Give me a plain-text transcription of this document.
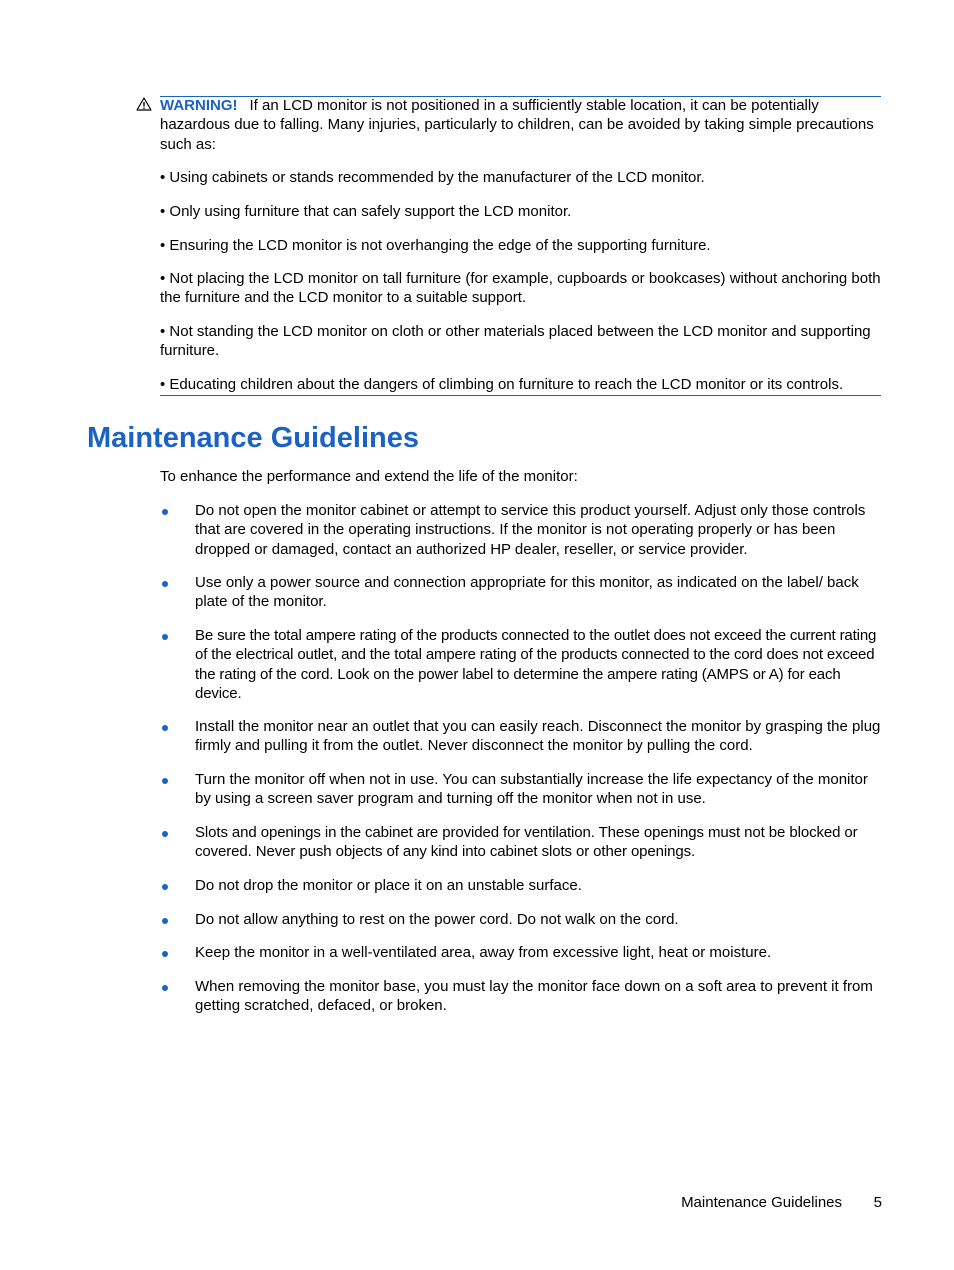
WARNING! If an LCD monitor is not positioned in a sufficiently stable location, it can be potentially hazardous due to falling. Many injuries, particularly to children, can be avoided by taking simple precautions such as:

• Using cabinets or stands recommended by the manufacturer of the LCD monitor.

• Only using furniture that can safely support the LCD monitor.

• Ensuring the LCD monitor is not overhanging the edge of the supporting furniture.

• Not placing the LCD monitor on tall furniture (for example, cupboards or bookcases) without anchoring both the furniture and the LCD monitor to a suitable support.

• Not standing the LCD monitor on cloth or other materials placed between the LCD monitor and supporting furniture.

• Educating children about the dangers of climbing on furniture to reach the LCD monitor or its controls.

Maintenance Guidelines

To enhance the performance and extend the life of the monitor:

Do not open the monitor cabinet or attempt to service this product yourself. Adjust only those controls that are covered in the operating instructions. If the monitor is not operating properly or has been dropped or damaged, contact an authorized HP dealer, reseller, or service provider.
Use only a power source and connection appropriate for this monitor, as indicated on the label/ back plate of the monitor.
Be sure the total ampere rating of the products connected to the outlet does not exceed the current rating of the electrical outlet, and the total ampere rating of the products connected to the cord does not exceed the rating of the cord. Look on the power label to determine the ampere rating (AMPS or A) for each device.
Install the monitor near an outlet that you can easily reach. Disconnect the monitor by grasping the plug firmly and pulling it from the outlet. Never disconnect the monitor by pulling the cord.
Turn the monitor off when not in use. You can substantially increase the life expectancy of the monitor by using a screen saver program and turning off the monitor when not in use.
Slots and openings in the cabinet are provided for ventilation. These openings must not be blocked or covered. Never push objects of any kind into cabinet slots or other openings.
Do not drop the monitor or place it on an unstable surface.
Do not allow anything to rest on the power cord. Do not walk on the cord.
Keep the monitor in a well-ventilated area, away from excessive light, heat or moisture.
When removing the monitor base, you must lay the monitor face down on a soft area to prevent it from getting scratched, defaced, or broken.
Maintenance Guidelines 5
